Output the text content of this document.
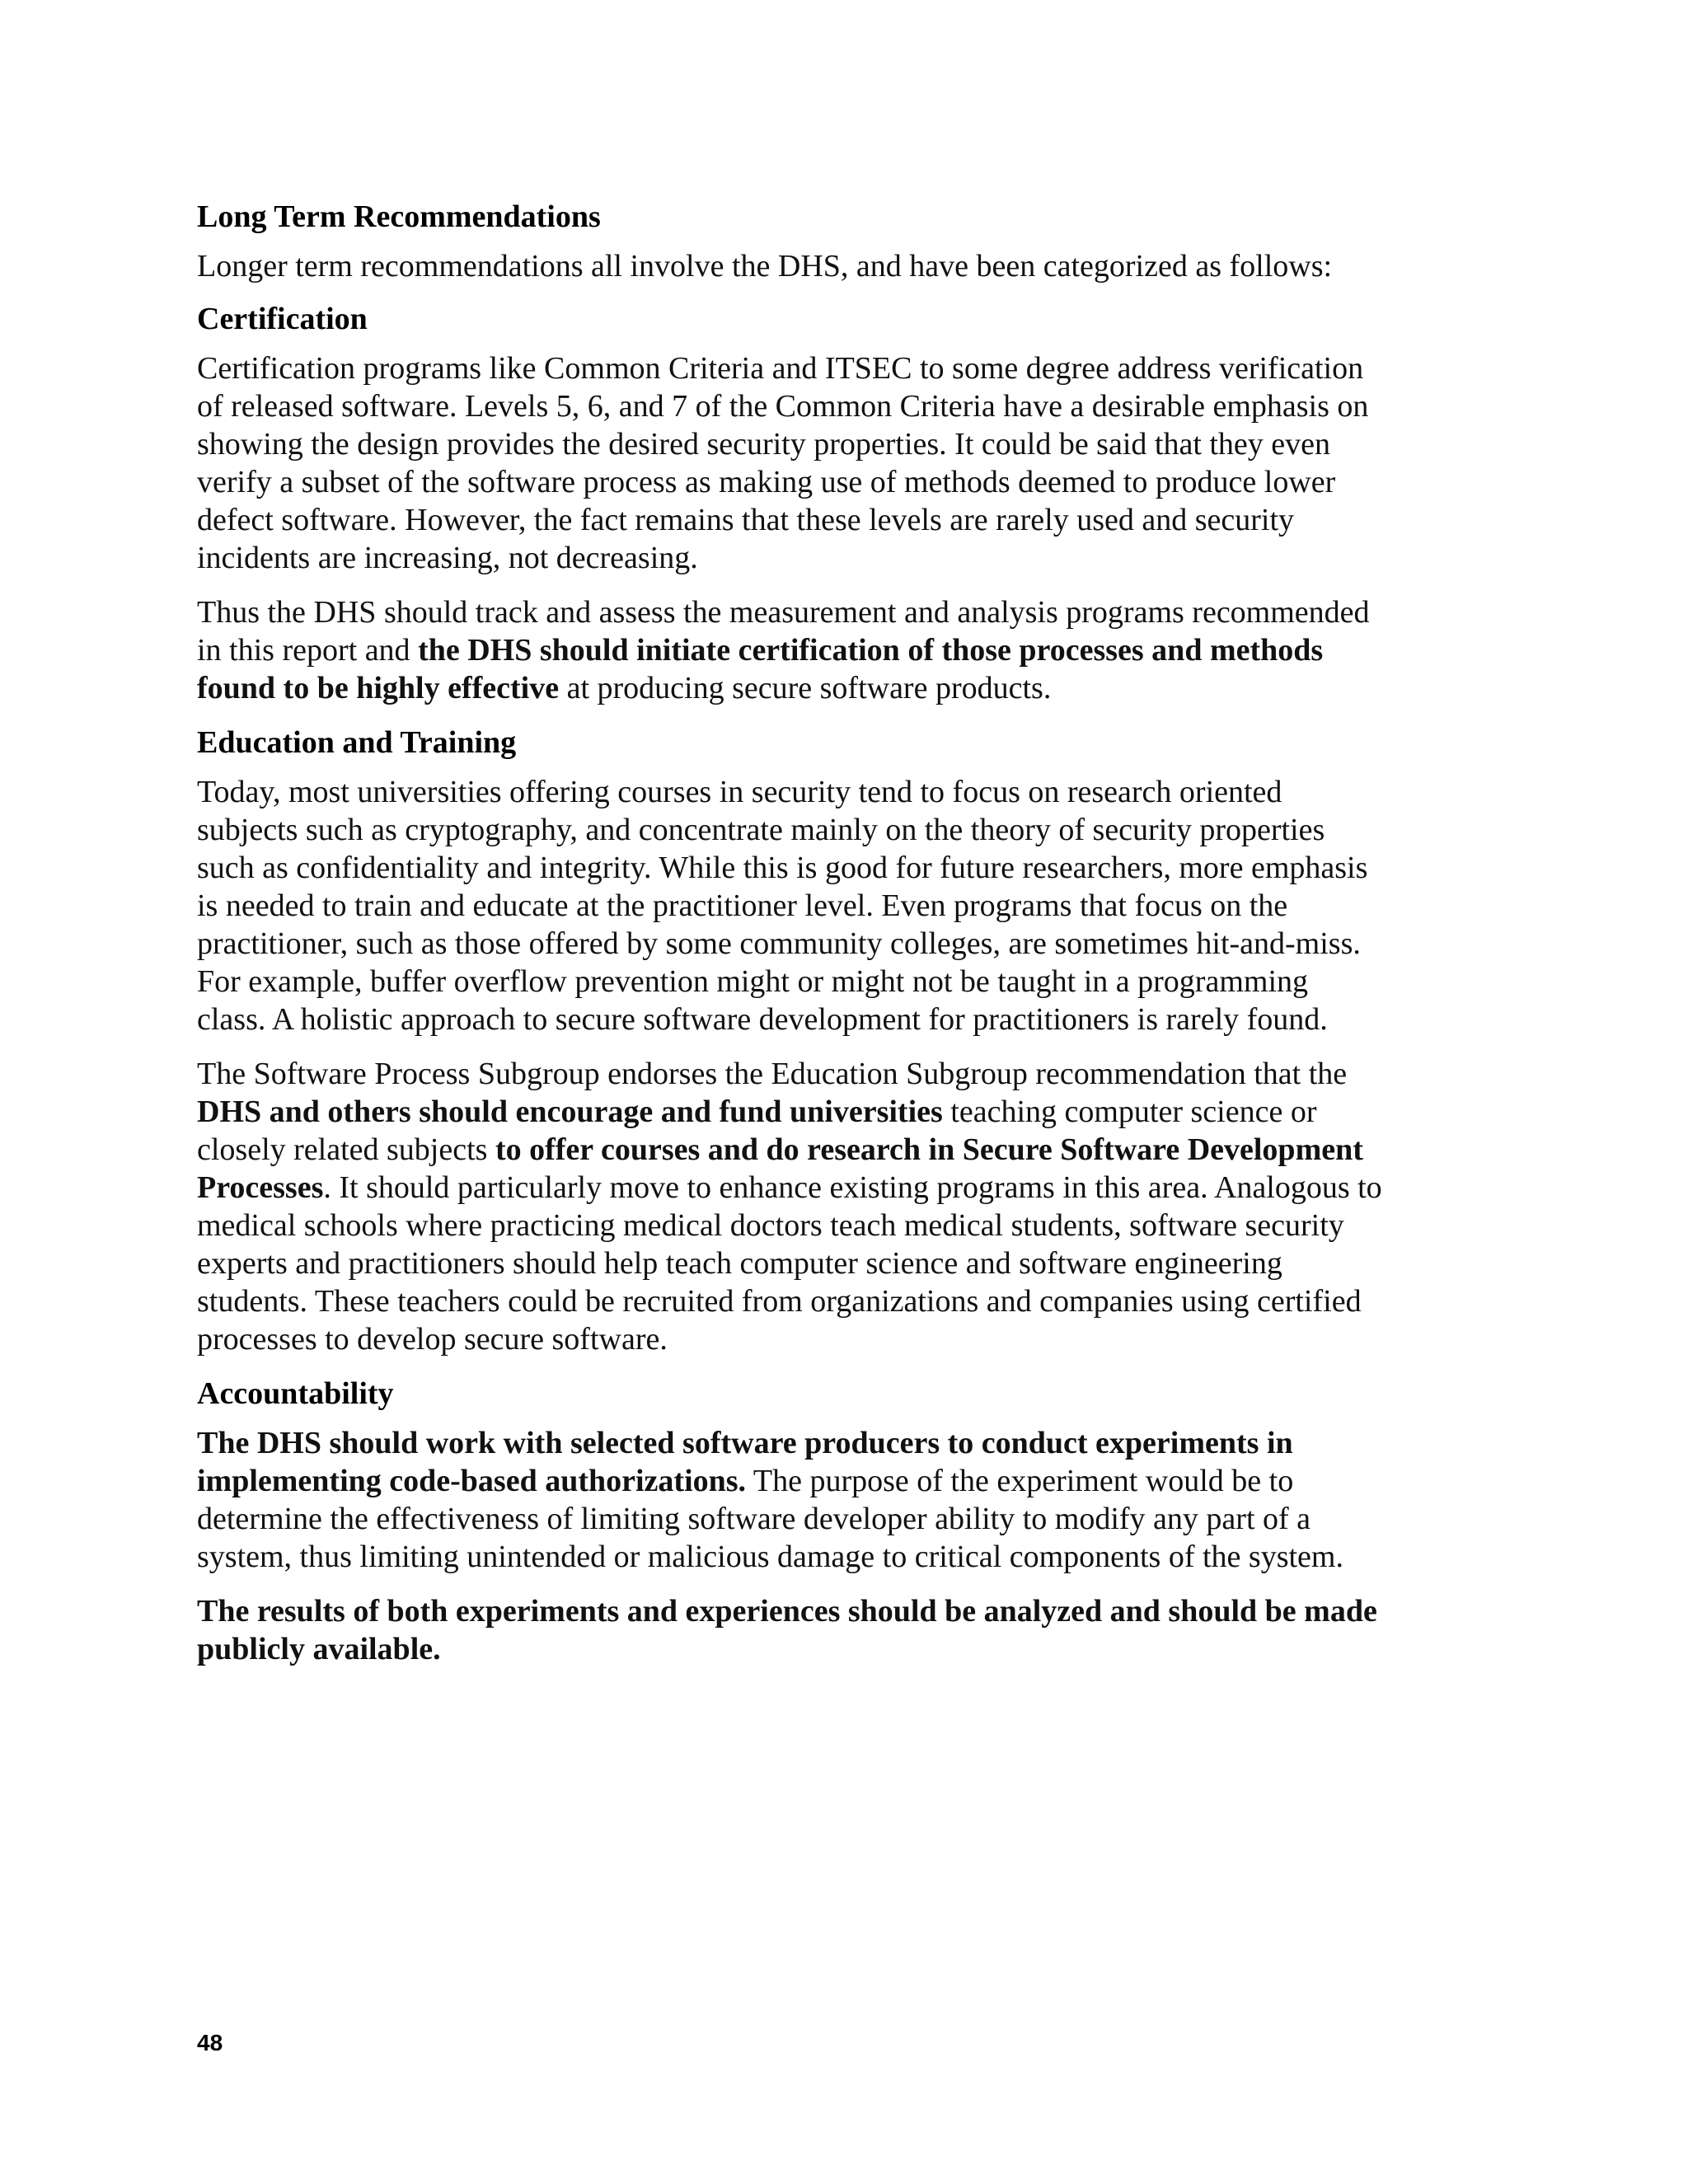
Long Term Recommendations

Longer term recommendations all involve the DHS, and have been categorized as follows:

Certification

Certification programs like Common Criteria and ITSEC to some degree address verification of released software. Levels 5, 6, and 7 of the Common Criteria have a desirable emphasis on showing the design provides the desired security properties. It could be said that they even verify a subset of the software process as making use of methods deemed to produce lower defect software. However, the fact remains that these levels are rarely used and security incidents are increasing, not decreasing.

Thus the DHS should track and assess the measurement and analysis programs recommended in this report and the DHS should initiate certification of those processes and methods found to be highly effective at producing secure software products.

Education and Training

Today, most universities offering courses in security tend to focus on research oriented subjects such as cryptography, and concentrate mainly on the theory of security properties such as confidentiality and integrity. While this is good for future researchers, more emphasis is needed to train and educate at the practitioner level. Even programs that focus on the practitioner, such as those offered by some community colleges, are sometimes hit-and-miss. For example, buffer overflow prevention might or might not be taught in a programming class. A holistic approach to secure software development for practitioners is rarely found.

The Software Process Subgroup endorses the Education Subgroup recommendation that the DHS and others should encourage and fund universities teaching computer science or closely related subjects to offer courses and do research in Secure Software Development Processes. It should particularly move to enhance existing programs in this area. Analogous to medical schools where practicing medical doctors teach medical students, software security experts and practitioners should help teach computer science and software engineering students. These teachers could be recruited from organizations and companies using certified processes to develop secure software.

Accountability

The DHS should work with selected software producers to conduct experiments in implementing code-based authorizations. The purpose of the experiment would be to determine the effectiveness of limiting software developer ability to modify any part of a system, thus limiting unintended or malicious damage to critical components of the system.

The results of both experiments and experiences should be analyzed and should be made publicly available.

48
